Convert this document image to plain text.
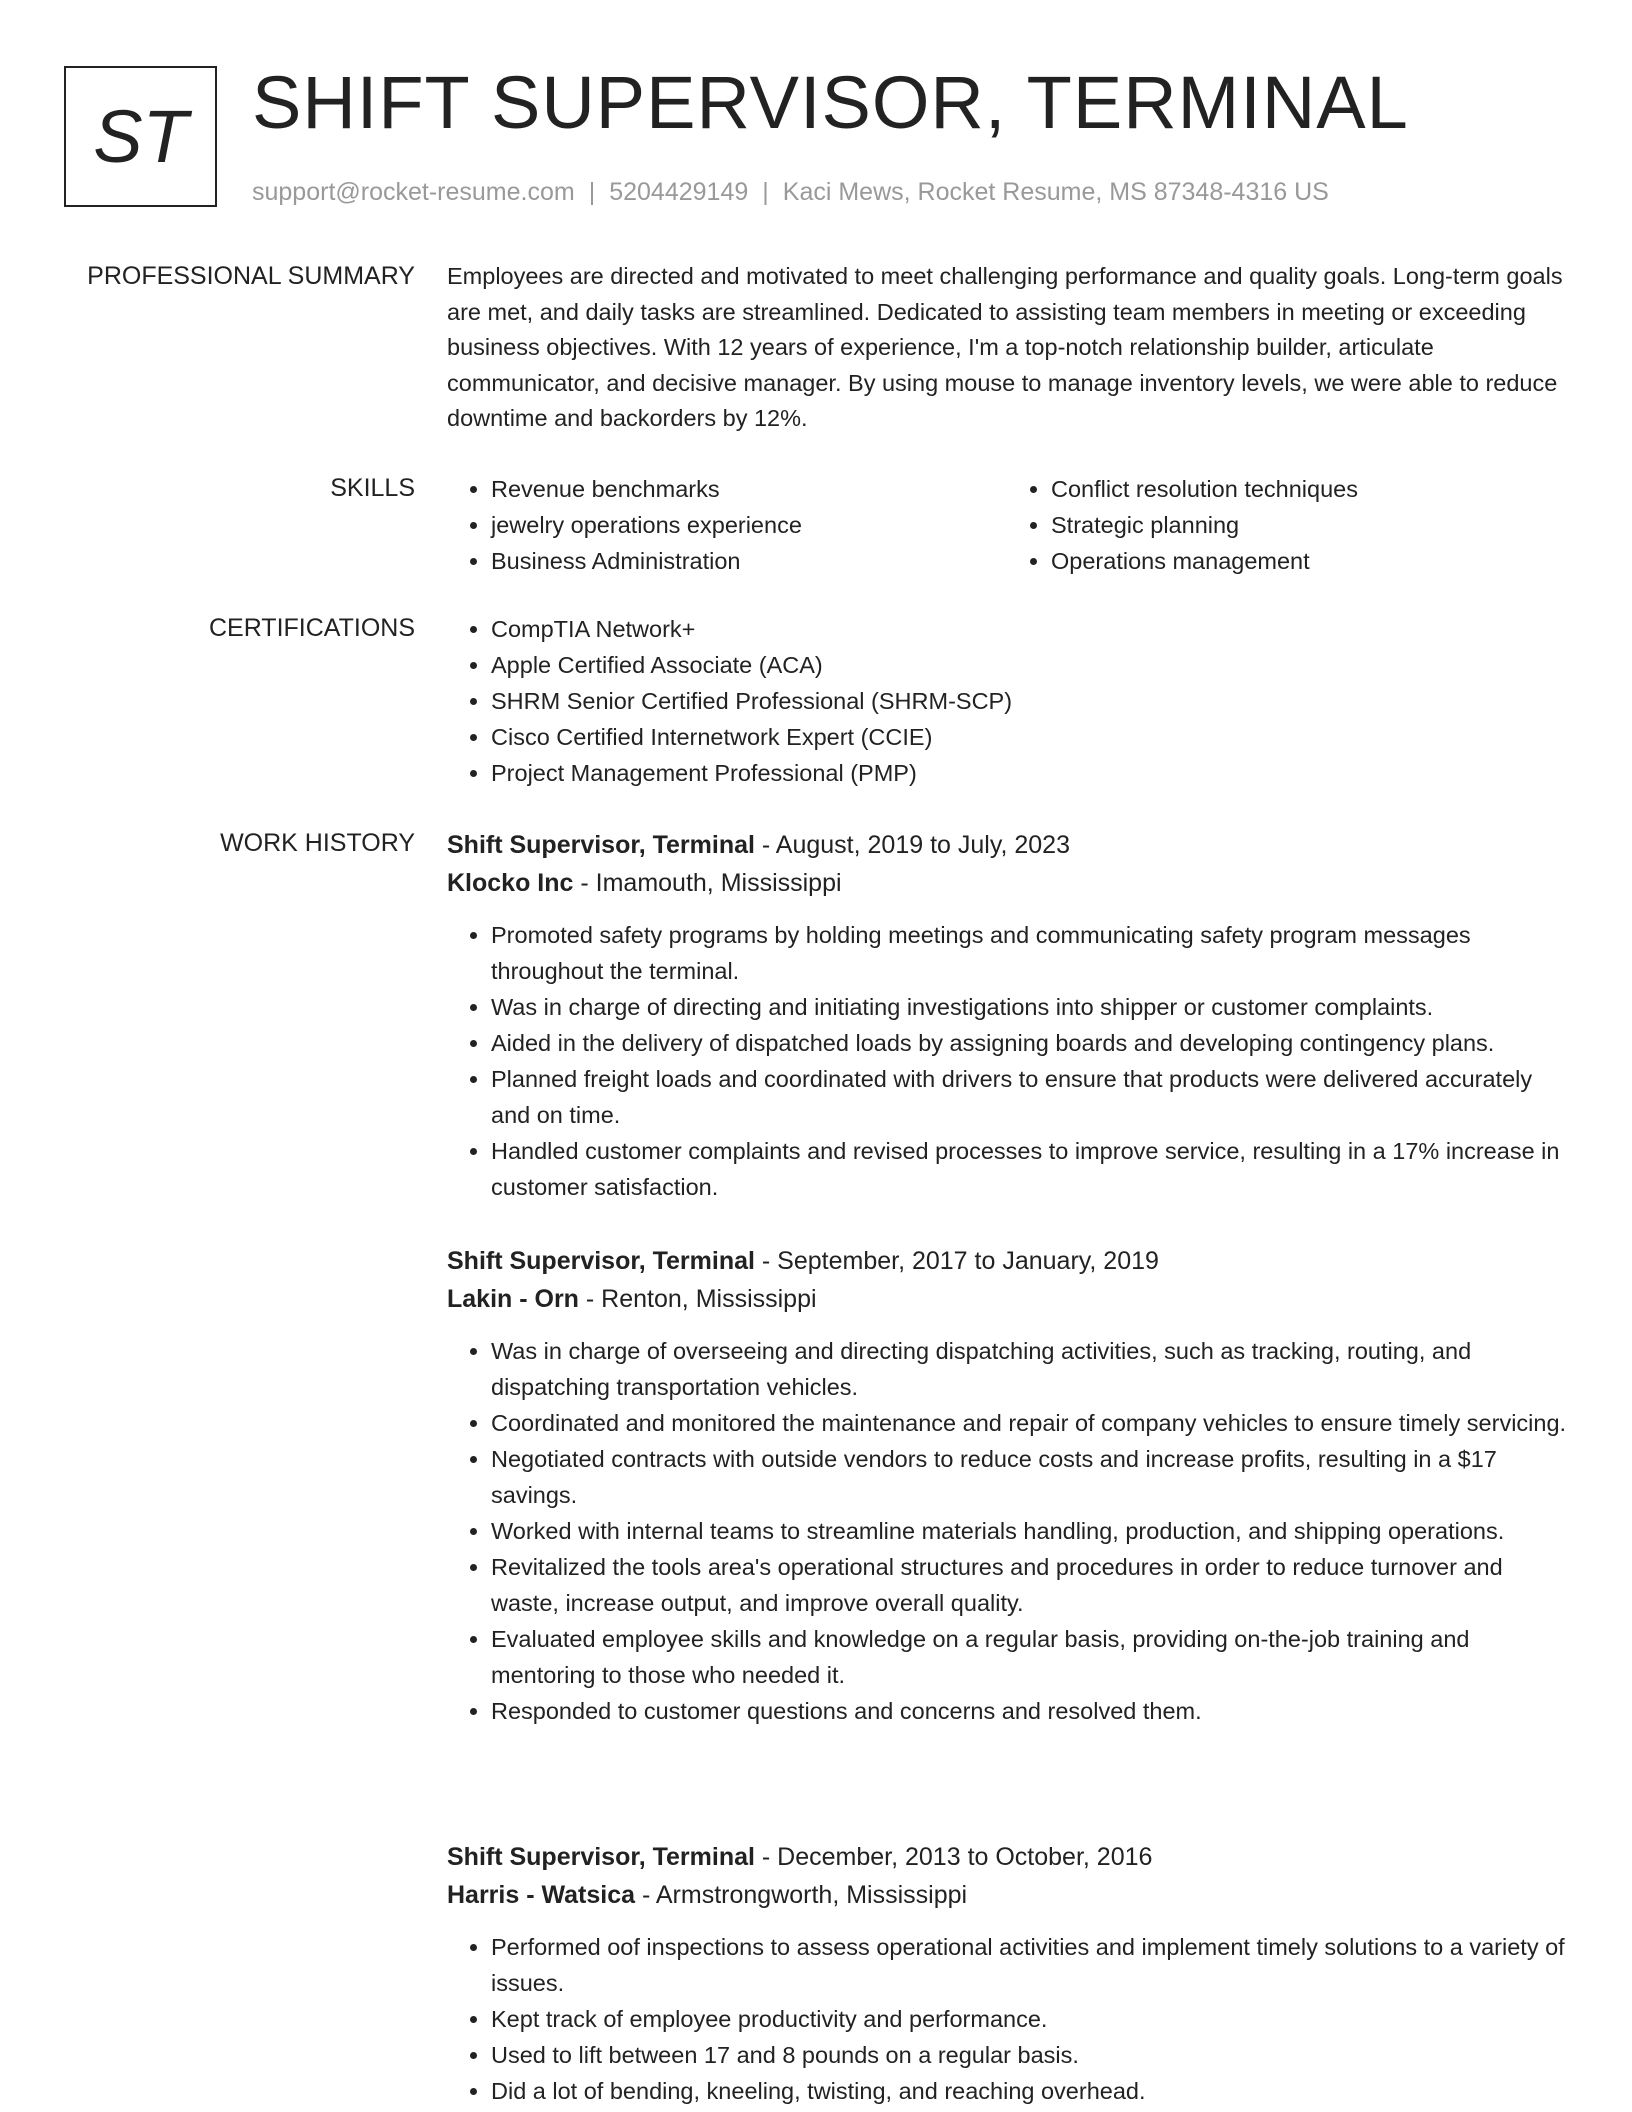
ST SHIFT SUPERVISOR, TERMINAL
support@rocket-resume.com | 5204429149 | Kaci Mews, Rocket Resume, MS 87348-4316 US
PROFESSIONAL SUMMARY Employees are directed and motivated to meet challenging performance and quality goals. Long-term goals are met, and daily tasks are streamlined. Dedicated to assisting team members in meeting or exceeding business objectives. With 12 years of experience, I'm a top-notch relationship builder, articulate communicator, and decisive manager. By using mouse to manage inventory levels, we were able to reduce downtime and backorders by 12%.
SKILLS	• Revenue benchmarks
• jewelry operations experience
• Business Administration
• Conflict resolution techniques
• Strategic planning
• Operations management
CERTIFICATIONS	• CompTIA Network+
• Apple Certified Associate (ACA)
• SHRM Senior Certified Professional (SHRM-SCP)
• Cisco Certified Internetwork Expert (CCIE)
• Project Management Professional (PMP)
WORK HISTORY Shift Supervisor, Terminal - August, 2019 to July, 2023
Klocko Inc - Imamouth, Mississippi
• Promoted safety programs by holding meetings and communicating safety program messages throughout the terminal.
• Was in charge of directing and initiating investigations into shipper or customer complaints.
• Aided in the delivery of dispatched loads by assigning boards and developing contingency plans.
• Planned freight loads and coordinated with drivers to ensure that products were delivered accurately and on time.
• Handled customer complaints and revised processes to improve service, resulting in a 17% increase in customer satisfaction.
Shift Supervisor, Terminal - September, 2017 to January, 2019
Lakin - Orn - Renton, Mississippi
• Was in charge of overseeing and directing dispatching activities, such as tracking, routing, and dispatching transportation vehicles.
• Coordinated and monitored the maintenance and repair of company vehicles to ensure timely servicing.
• Negotiated contracts with outside vendors to reduce costs and increase profits, resulting in a $17 savings.
• Worked with internal teams to streamline materials handling, production, and shipping operations.
• Revitalized the tools area's operational structures and procedures in order to reduce turnover and waste, increase output, and improve overall quality.
• Evaluated employee skills and knowledge on a regular basis, providing on-the-job training and mentoring to those who needed it.
• Responded to customer questions and concerns and resolved them.
Shift Supervisor, Terminal - December, 2013 to October, 2016
Harris - Watsica - Armstrongworth, Mississippi
• Performed oof inspections to assess operational activities and implement timely solutions to a variety of issues.
• Kept track of employee productivity and performance.
• Used to lift between 17 and 8 pounds on a regular basis.
• Did a lot of bending, kneeling, twisting, and reaching overhead.
